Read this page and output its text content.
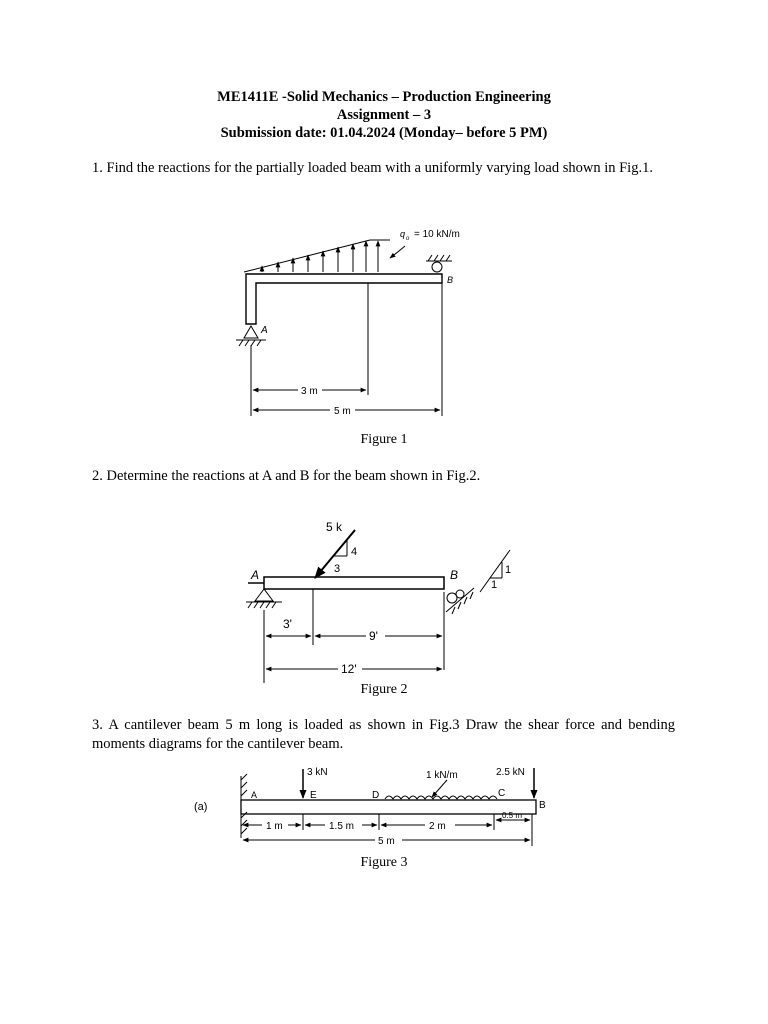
ME1411E -Solid Mechanics – Production Engineering
Assignment – 3
Submission date: 01.04.2024 (Monday– before 5 PM)
1. Find the reactions for the partially loaded beam with a uniformly varying load shown in Fig.1.
q o = 10 kN/m
A
B
3 m
5 m
Figure 1
2. Determine the reactions at A and B for the beam shown in Fig.2.
5 k
4
3
A	B	1
1
3'
9'
12'
Figure 2
3. A cantilever beam 5 m long is loaded as shown in Fig.3 Draw the shear force and bending moments diagrams for the cantilever beam.
(a)
3 kN	1 kN/m	2.5 kN
A	E	D	C
B
1 m	1.5 m	2 m
0.5 m
5 m
Figure 3
